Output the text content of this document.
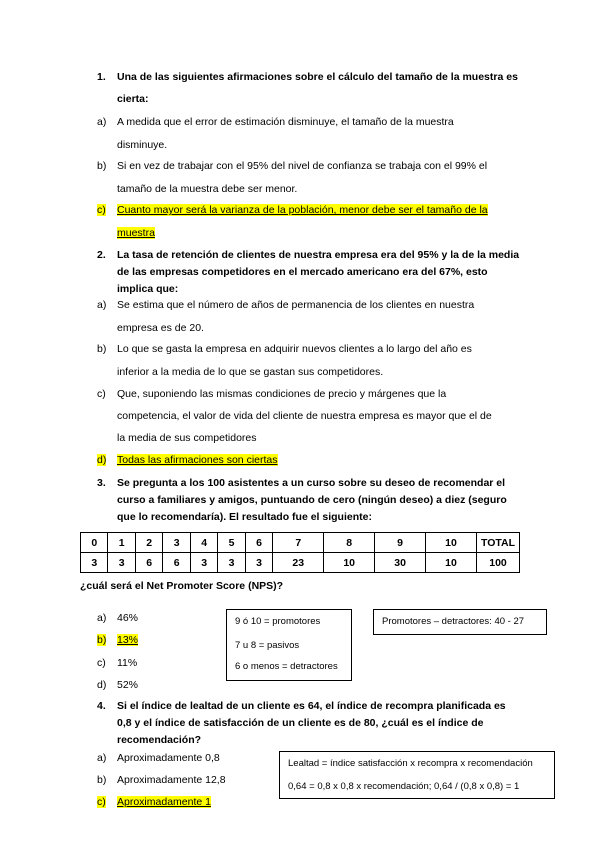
1. Una de las siguientes afirmaciones sobre el cálculo del tamaño de la muestra es
cierta:
a) A medida que el error de estimación disminuye, el tamaño de la muestra
disminuye.
b) Si en vez de trabajar con el 95% del nivel de confianza se trabaja con el 99% el
tamaño de la muestra debe ser menor.
c) Cuanto mayor será la varianza de la población, menor debe ser el tamaño de la
muestra
2. La tasa de retención de clientes de nuestra empresa era del 95% y la de la media
de las empresas competidores en el mercado americano era del 67%, esto
implica que:
a) Se estima que el número de años de permanencia de los clientes en nuestra
empresa es de 20.
b) Lo que se gasta la empresa en adquirir nuevos clientes a lo largo del año es
inferior a la media de lo que se gastan sus competidores.
c) Que, suponiendo las mismas condiciones de precio y márgenes que la
competencia, el valor de vida del cliente de nuestra empresa es mayor que el de
la media de sus competidores
d) Todas las afirmaciones son ciertas
3. Se pregunta a los 100 asistentes a un curso sobre su deseo de recomendar el
curso a familiares y amigos, puntuando de cero (ningún deseo) a diez (seguro
que lo recomendaría). El resultado fue el siguiente:
0	1	2	3	4	5	6	7	8	9	10	TOTAL
3	3	6	6	3	3	3	23	10	30	10	100
¿cuál será el Net Promoter Score (NPS)?
a) 46%
b) 13%
c) 11%
d) 52%
9 ó 10 = promotores
7 u 8 = pasivos
6 o menos = detractores
Promotores – detractores: 40 - 27
4. Si el índice de lealtad de un cliente es 64, el índice de recompra planificada es
0,8 y el índice de satisfacción de un cliente es de 80, ¿cuál es el índice de
recomendación?
a) Aproximadamente 0,8
b) Aproximadamente 12,8
c) Aproximadamente 1
Lealtad = índice satisfacción x recompra x recomendación
0,64 = 0,8 x 0,8 x recomendación; 0,64 / (0,8 x 0,8) = 1
